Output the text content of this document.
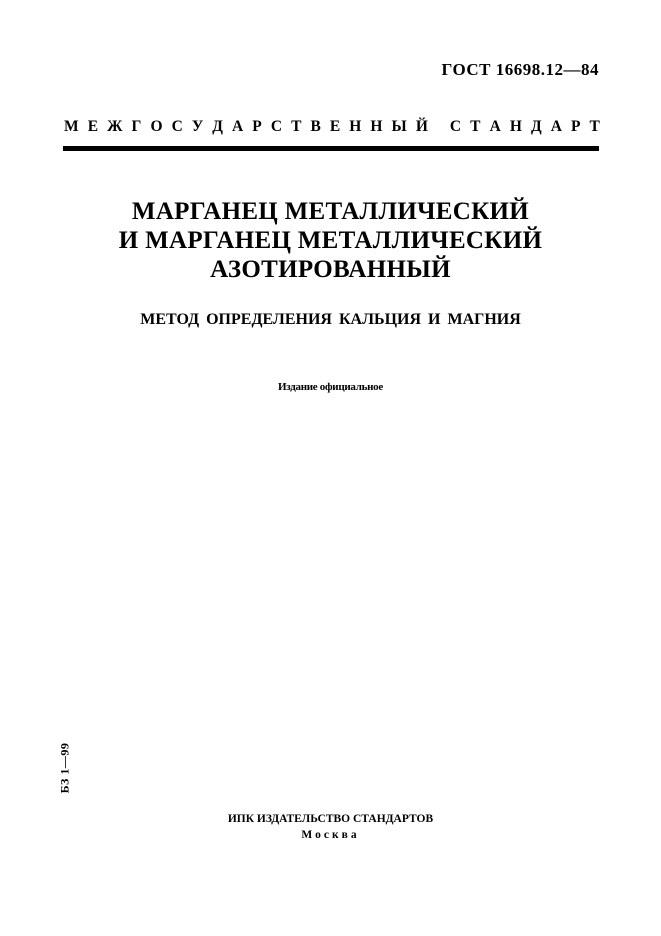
ГОСТ 16698.12—84
М Е Ж Г О С У Д А Р С Т В Е Н Н Ы Й
С Т А Н Д А Р Т
МАРГАНЕЦ МЕТАЛЛИЧЕСКИЙ
И МАРГАНЕЦ МЕТАЛЛИЧЕСКИЙ
АЗОТИРОВАННЫЙ
МЕТОД ОПРЕДЕЛЕНИЯ КАЛЬЦИЯ И МАГНИЯ
Издание официальное
БЗ 1—99
ИПК ИЗДАТЕЛЬСТВО СТАНДАРТОВ
Москва
